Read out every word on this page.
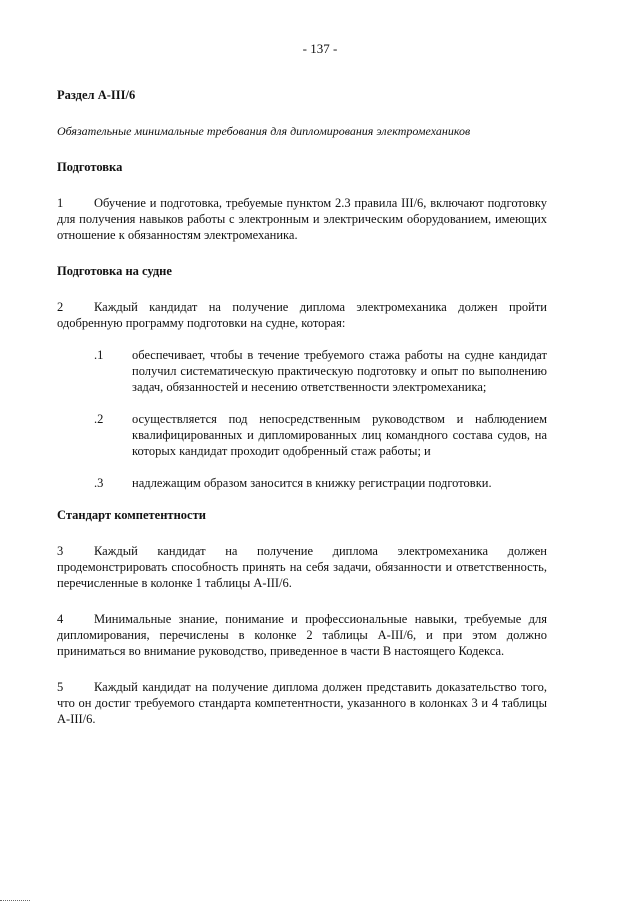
- 137 -
Раздел A-III/6
Обязательные минимальные требования для дипломирования электромехаников
Подготовка
1 Обучение и подготовка, требуемые пунктом 2.3 правила III/6, включают подготовку для получения навыков работы с электронным и электрическим оборудованием, имеющих отношение к обязанностям электромеханика.
Подготовка на судне
2 Каждый кандидат на получение диплома электромеханика должен пройти одобренную программу подготовки на судне, которая:
.1 обеспечивает, чтобы в течение требуемого стажа работы на судне кандидат получил систематическую практическую подготовку и опыт по выполнению задач, обязанностей и несению ответственности электромеханика;
.2 осуществляется под непосредственным руководством и наблюдением квалифицированных и дипломированных лиц командного состава судов, на которых кандидат проходит одобренный стаж работы; и
.3 надлежащим образом заносится в книжку регистрации подготовки.
Стандарт компетентности
3 Каждый кандидат на получение диплома электромеханика должен продемонстрировать способность принять на себя задачи, обязанности и ответственность, перечисленные в колонке 1 таблицы A-III/6.
4 Минимальные знание, понимание и профессиональные навыки, требуемые для дипломирования, перечислены в колонке 2 таблицы A-III/6, и при этом должно приниматься во внимание руководство, приведенное в части B настоящего Кодекса.
5 Каждый кандидат на получение диплома должен представить доказательство того, что он достиг требуемого стандарта компетентности, указанного в колонках 3 и 4 таблицы A-III/6.
